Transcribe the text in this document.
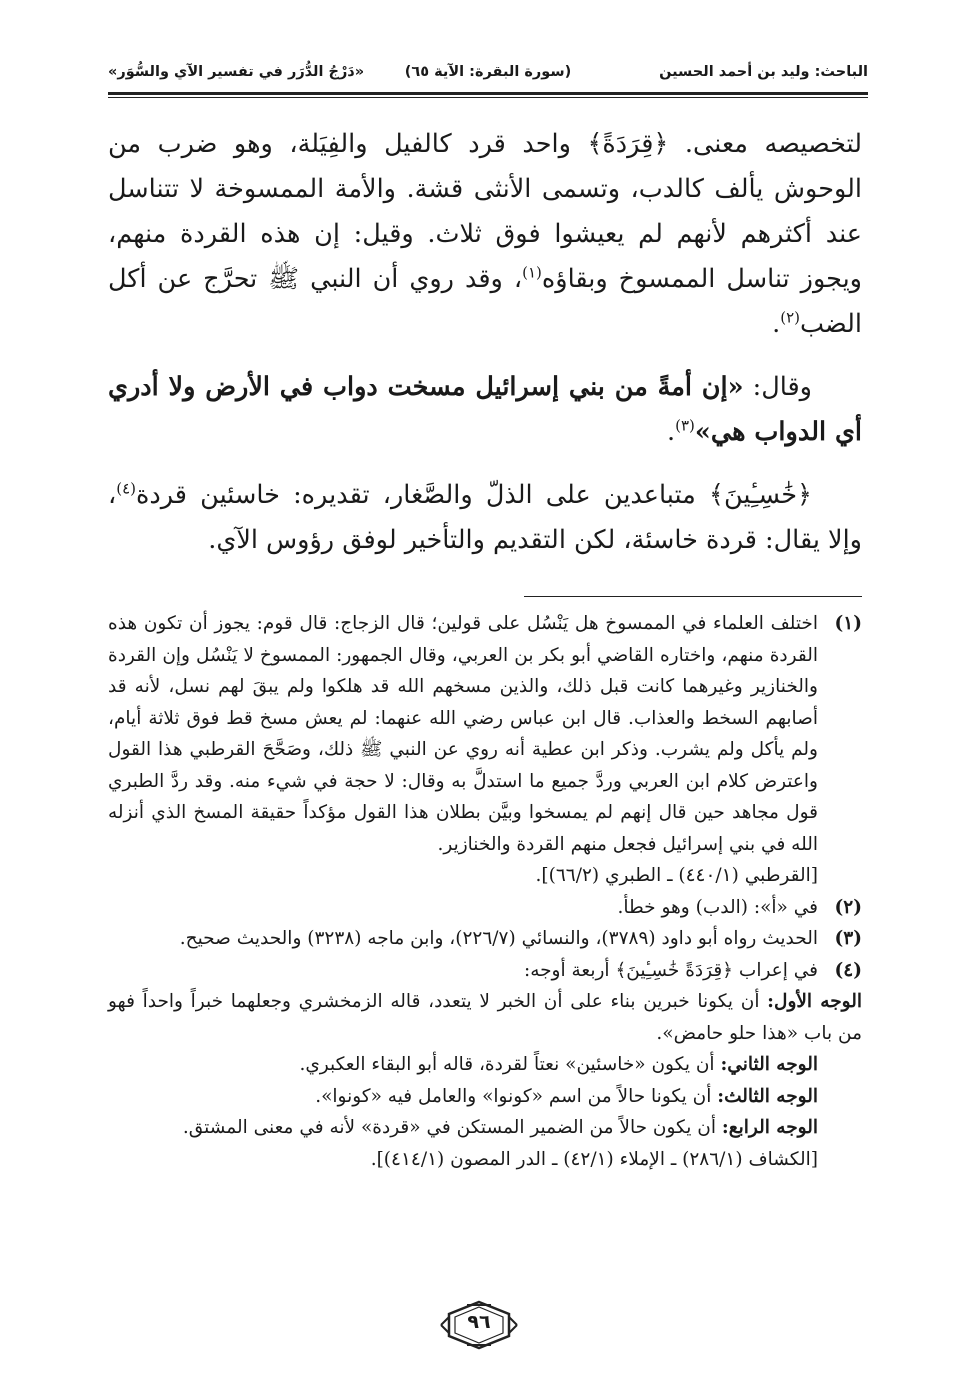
الباحث: وليد بن أحمد الحسين
(سورة البقرة: الآية ٦٥)
«دَرْجُ الدُّرَر في تفسير الآي والسُّوَر»

لتخصيصه معنى. ﴿قِرَدَةً﴾ واحد قرد كالفيل والفِيَلة، وهو ضرب من الوحوش يألف كالدب، وتسمى الأنثى قشة. والأمة الممسوخة لا تتناسل عند أكثرهم لأنهم لم يعيشوا فوق ثلاث. وقيل: إن هذه القردة منهم، ويجوز تناسل الممسوخ وبقاؤه$^{(١)}$، وقد روي أن النبي ﷺ تحرَّج عن أكل الضب$^{(٢)}$.

وقال: «إن أمةً من بني إسرائيل مسخت دواب في الأرض ولا أدري أي الدواب هي»$^{(٣)}$.

﴿خَٰسِـِٔينَ﴾ متباعدين على الذلّ والصَّغار، تقديره: خاسئين قردة$^{(٤)}$، وإلا يقال: قردة خاسئة، لكن التقديم والتأخير لوفق رؤوس الآي.

(١)
اختلف العلماء في الممسوخ هل يَنْسُل على قولين؛ قال الزجاج: قال قوم: يجوز أن تكون هذه القردة منهم، واختاره القاضي أبو بكر بن العربي، وقال الجمهور: الممسوخ لا يَنْسُل وإن القردة والخنازير وغيرهما كانت قبل ذلك، والذين مسخهم الله قد هلكوا ولم يبقَ لهم نسل، لأنه قد أصابهم السخط والعذاب. قال ابن عباس رضي الله عنهما: لم يعش مسخ قط فوق ثلاثة أيام، ولم يأكل ولم يشرب. وذكر ابن عطية أنه روي عن النبي ﷺ ذلك، وصَحَّحَ القرطبي هذا القول واعترض كلام ابن العربي وردَّ جميع ما استدلَّ به وقال: لا حجة في شيء منه. وقد ردَّ الطبري قول مجاهد حين قال إنهم لم يمسخوا وبيَّن بطلان هذا القول مؤكداً حقيقة المسخ الذي أنزله الله في بني إسرائيل فجعل منهم القردة والخنازير.

[القرطبي (٤٤٠/١) ـ الطبري (٦٦/٢)].

(٢)
في «أ»: (الدب) وهو خطأ.

(٣)
الحديث رواه أبو داود (٣٧٨٩)، والنسائي (٢٢٦/٧)، وابن ماجه (٣٢٣٨) والحديث صحيح.

(٤)
في إعراب ﴿قِرَدَةً خَٰسِـِٔينَ﴾ أربعة أوجه:

الوجه الأول: أن يكونا خبرين بناء على أن الخبر لا يتعدد، قاله الزمخشري وجعلهما خبراً واحداً فهو من باب «هذا حلو حامض».

الوجه الثاني: أن يكون «خاسئين» نعتاً لقردة، قاله أبو البقاء العكبري.

الوجه الثالث: أن يكونا حالاً من اسم «كونوا» والعامل فيه «كونوا».

الوجه الرابع: أن يكون حالاً من الضمير المستكن في «قردة» لأنه في معنى المشتق.

[الكشاف (٢٨٦/١) ـ الإملاء (٤٢/١) ـ الدر المصون (٤١٤/١)].

٩٦
